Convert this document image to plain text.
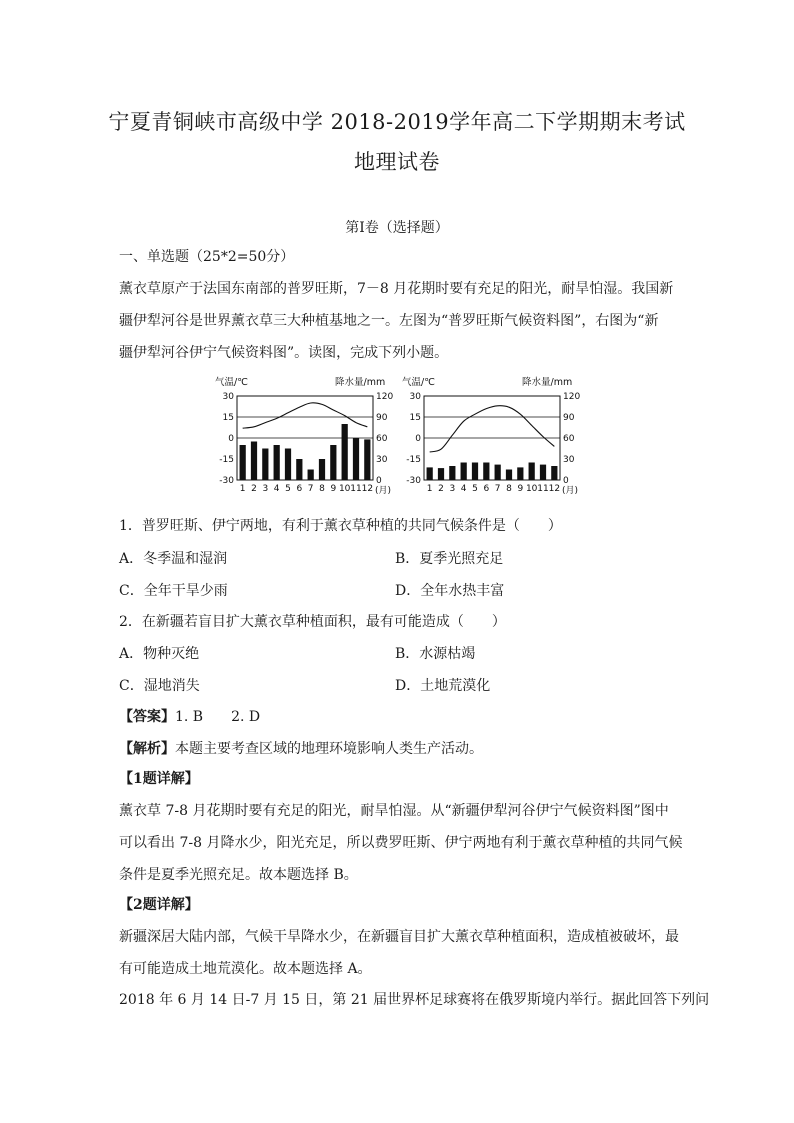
宁夏青铜峡市高级中学 2018-2019学年高二下学期期末考试
地理试卷
第Ⅰ卷（选择题）
一、单选题（25*2=50分）
薰衣草原产于法国东南部的普罗旺斯，7－8 月花期时要有充足的阳光，耐旱怕湿。我国新
疆伊犁河谷是世界薰衣草三大种植基地之一。左图为“普罗旺斯气候资料图”，右图为“新
疆伊犁河谷伊宁气候资料图”。读图，完成下列小题。
气温/℃	降水量/mm
30
15
0
-15
-30
120
90
60
30
0
1 2 3 4 5 6 7 8 9 10 11 12 (月)
气温/℃	降水量/mm
30
15
0
-15
-30
120
90
60
30
0
1 2 3 4 5 6 7 8 9 10 11 12 (月)
1．普罗旺斯、伊宁两地，有利于薰衣草种植的共同气候条件是（　　）
A．冬季温和湿润	B．夏季光照充足
C．全年干旱少雨	D．全年水热丰富
2．在新疆若盲目扩大薰衣草种植面积，最有可能造成（　　）
A．物种灭绝	B．水源枯竭
C．湿地消失	D．土地荒漠化
【答案】1. B　　2. D
【解析】本题主要考查区域的地理环境影响人类生产活动。
【1题详解】
薰衣草 7-8 月花期时要有充足的阳光，耐旱怕湿。从“新疆伊犁河谷伊宁气候资料图”图中
可以看出 7-8 月降水少，阳光充足，所以费罗旺斯、伊宁两地有利于薰衣草种植的共同气候
条件是夏季光照充足。故本题选择 B。
【2题详解】
新疆深居大陆内部，气候干旱降水少，在新疆盲目扩大薰衣草种植面积，造成植被破坏，最
有可能造成土地荒漠化。故本题选择 A。
2018 年 6 月 14 日-7 月 15 日，第 21 届世界杯足球赛将在俄罗斯境内举行。据此回答下列问
